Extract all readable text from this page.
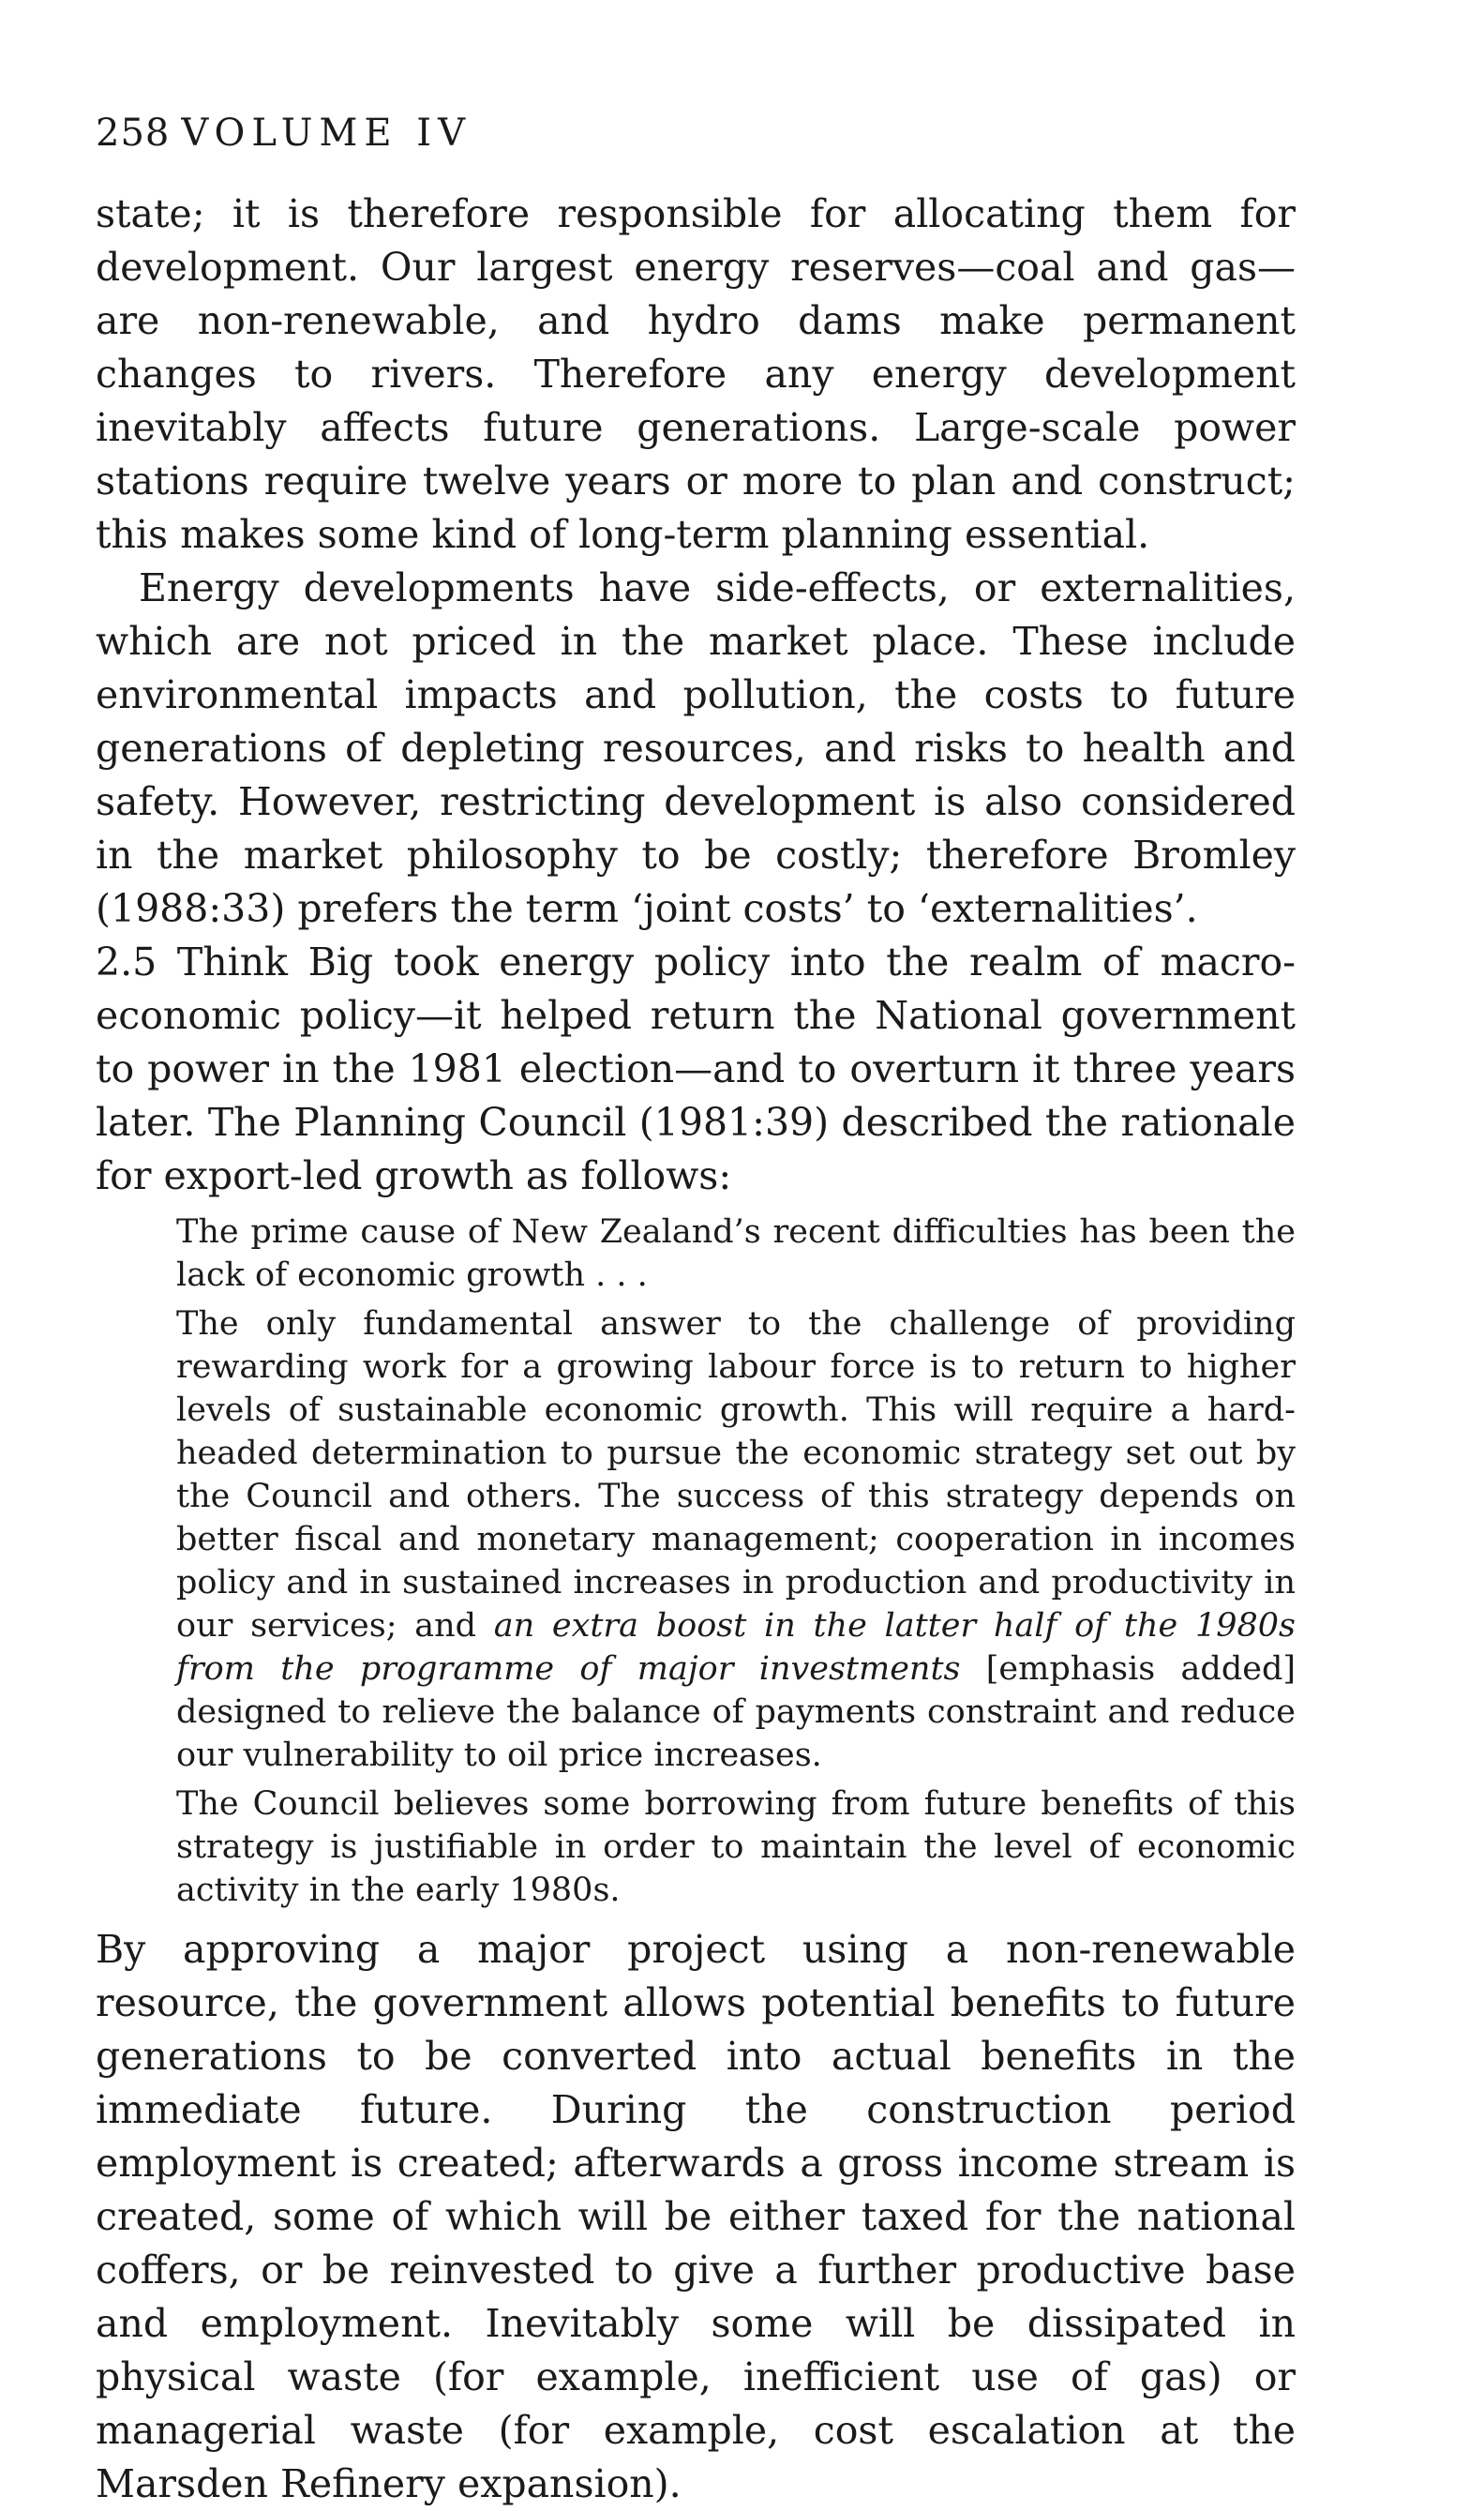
258 VOLUME IV

state; it is therefore responsible for allocating them for development. Our largest energy reserves—coal and gas—are non-renewable, and hydro dams make permanent changes to rivers. Therefore any energy development inevitably affects future generations. Large-scale power stations require twelve years or more to plan and construct; this makes some kind of long-term planning essential.

Energy developments have side-effects, or externalities, which are not priced in the market place. These include environmental impacts and pollution, the costs to future generations of depleting resources, and risks to health and safety. However, restricting development is also considered in the market philosophy to be costly; therefore Bromley (1988:33) prefers the term ‘joint costs’ to ‘externalities’.

2.5 Think Big took energy policy into the realm of macro-economic policy—it helped return the National government to power in the 1981 election—and to overturn it three years later. The Planning Council (1981:39) described the rationale for export-led growth as follows:

The prime cause of New Zealand’s recent difficulties has been the lack of economic growth . . .

The only fundamental answer to the challenge of providing rewarding work for a growing labour force is to return to higher levels of sustainable economic growth. This will require a hard-headed determination to pursue the economic strategy set out by the Council and others. The success of this strategy depends on better fiscal and monetary management; cooperation in incomes policy and in sustained increases in production and productivity in our services; and an extra boost in the latter half of the 1980s from the programme of major investments [emphasis added] designed to relieve the balance of payments constraint and reduce our vulnerability to oil price increases.

The Council believes some borrowing from future benefits of this strategy is justifiable in order to maintain the level of economic activity in the early 1980s.

By approving a major project using a non-renewable resource, the government allows potential benefits to future generations to be converted into actual benefits in the immediate future. During the construction period employment is created; afterwards a gross income stream is created, some of which will be either taxed for the national coffers, or be reinvested to give a further productive base and employment. Inevitably some will be dissipated in physical waste (for example, inefficient use of gas) or managerial waste (for example, cost escalation at the Marsden Refinery expansion).
